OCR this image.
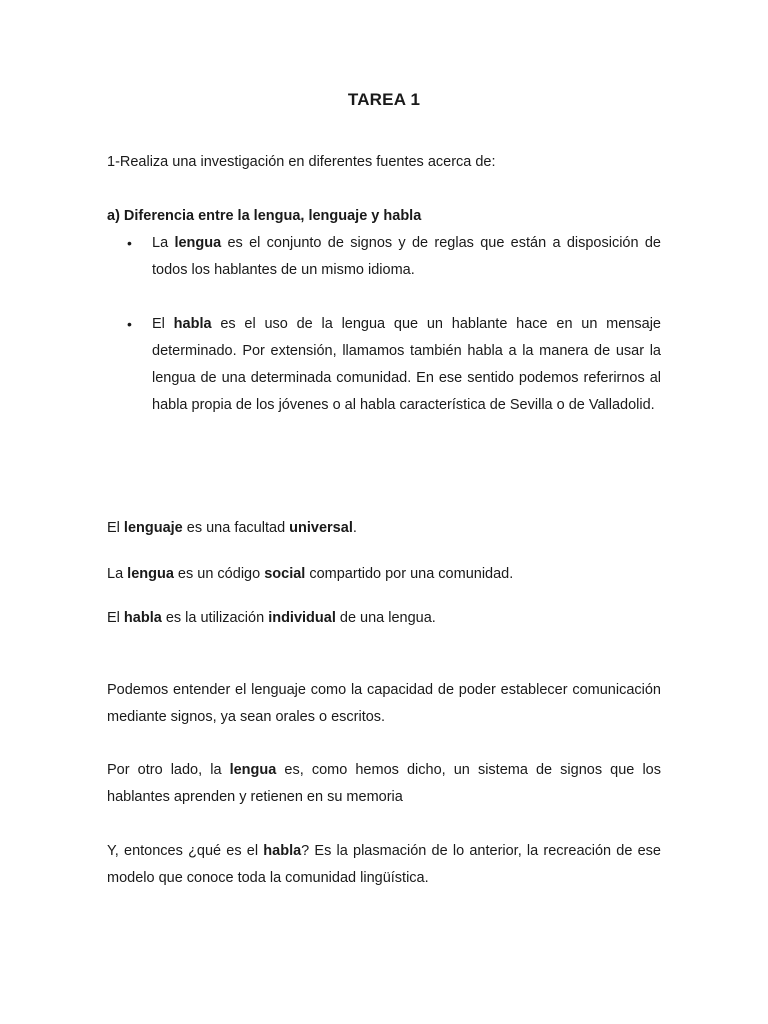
TAREA 1

1-Realiza una investigación en diferentes fuentes acerca de:

a) Diferencia entre la lengua, lenguaje y habla

• La lengua es el conjunto de signos y de reglas que están a disposición de todos los hablantes de un mismo idioma.

• El habla es el uso de la lengua que un hablante hace en un mensaje determinado. Por extensión, llamamos también habla a la manera de usar la lengua de una determinada comunidad. En ese sentido podemos referirnos al habla propia de los jóvenes o al habla característica de Sevilla o de Valladolid.

El lenguaje es una facultad universal.

La lengua es un código social compartido por una comunidad.

El habla es la utilización individual de una lengua.

Podemos entender el lenguaje como la capacidad de poder establecer comunicación mediante signos, ya sean orales o escritos.

Por otro lado, la lengua es, como hemos dicho, un sistema de signos que los hablantes aprenden y retienen en su memoria

Y, entonces ¿qué es el habla? Es la plasmación de lo anterior, la recreación de ese modelo que conoce toda la comunidad lingüística.
